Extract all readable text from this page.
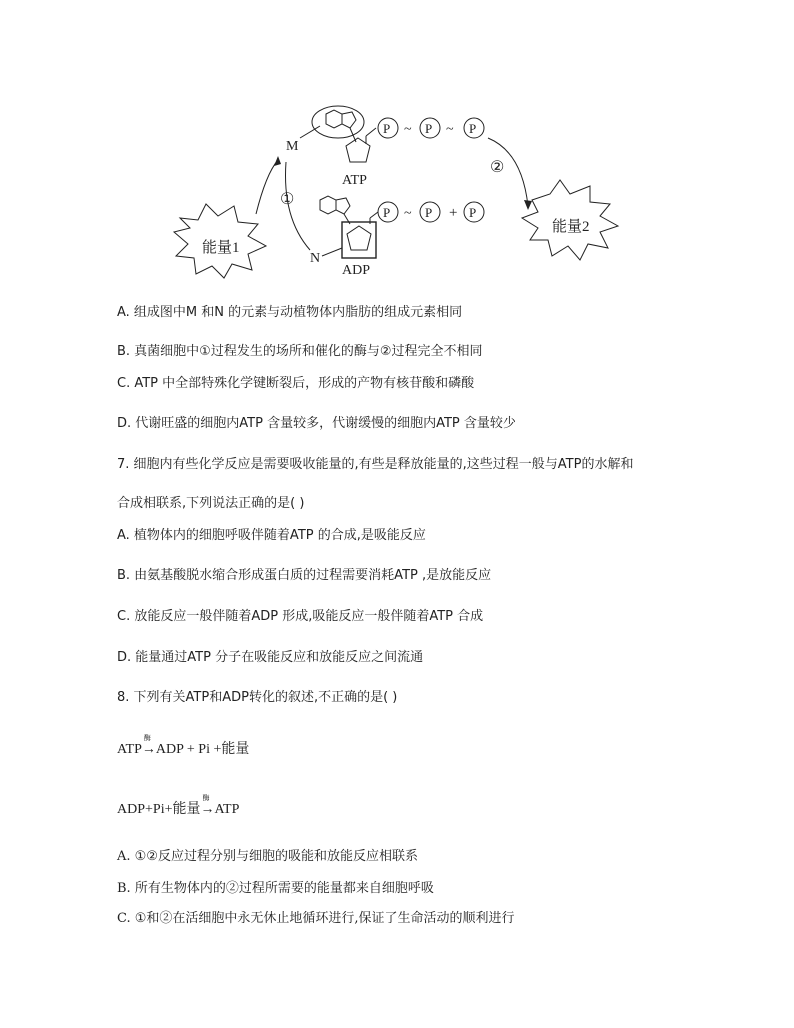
能量1
能量2
①
②
M
ATP
P ~ P ~ P
ADP
N
P ~ P + P
A. 组成图中M 和N 的元素与动植物体内脂肪的组成元素相同
B. 真菌细胞中①过程发生的场所和催化的酶与②过程完全不相同
C. ATP 中全部特殊化学键断裂后，形成的产物有核苷酸和磷酸
D. 代谢旺盛的细胞内ATP 含量较多，代谢缓慢的细胞内ATP 含量较少
7. 细胞内有些化学反应是需要吸收能量的,有些是释放能量的,这些过程一般与ATP的水解和
合成相联系,下列说法正确的是( )
A. 植物体内的细胞呼吸伴随着ATP 的合成,是吸能反应
B. 由氨基酸脱水缩合形成蛋白质的过程需要消耗ATP ,是放能反应
C. 放能反应一般伴随着ADP 形成,吸能反应一般伴随着ATP 合成
D. 能量通过ATP 分子在吸能反应和放能反应之间流通
8. 下列有关ATP和ADP转化的叙述,不正确的是( )
ATP
酶
→ADP + Pi +能量
ADP+Pi+能量
酶
→ATP
A. ①②反应过程分别与细胞的吸能和放能反应相联系
B. 所有生物体内的②过程所需要的能量都来自细胞呼吸
C. ①和②在活细胞中永无休止地循环进行,保证了生命活动的顺利进行
